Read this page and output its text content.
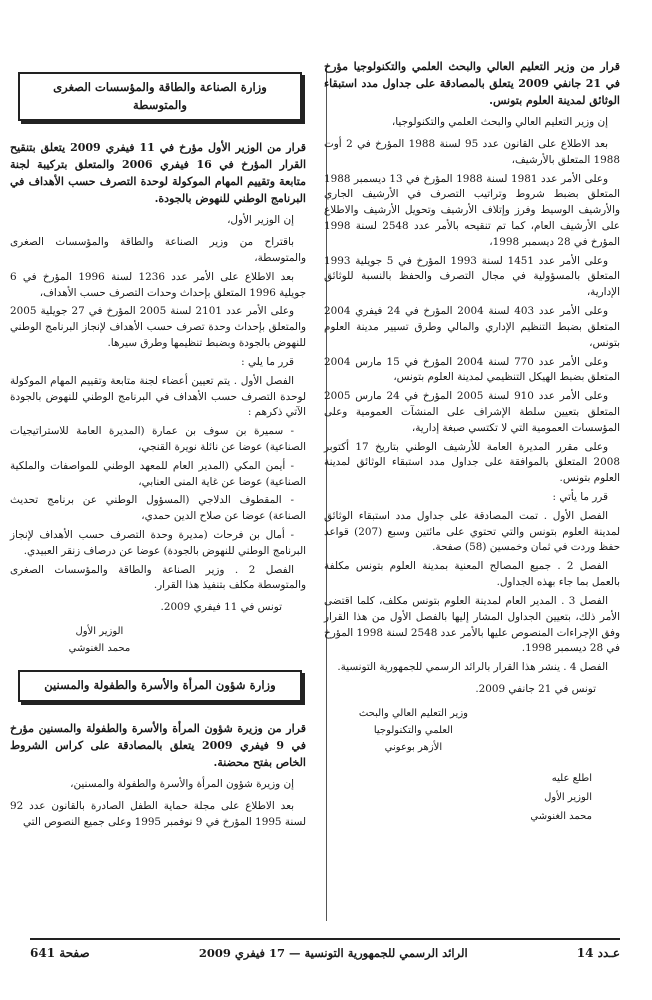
قرار من وزير التعليم العالي والبحث العلمي والتكنولوجيا مؤرخ في 21 جانفي 2009 يتعلق بالمصادقة على جداول مدد استبقاء الوثائق لمدينة العلوم بتونس.

إن وزير التعليم العالي والبحث العلمي والتكنولوجيا،

بعد الاطلاع على القانون عدد 95 لسنة 1988 المؤرخ في 2 أوت 1988 المتعلق بالأرشيف،

وعلى الأمر عدد 1981 لسنة 1988 المؤرخ في 13 ديسمبر 1988 المتعلق بضبط شروط وتراتيب التصرف في الأرشيف الجاري والأرشيف الوسيط وفرز وإتلاف الأرشيف وتحويل الأرشيف والاطلاع على الأرشيف العام، كما تم تنقيحه بالأمر عدد 2548 لسنة 1998 المؤرخ في 28 ديسمبر 1998،

وعلى الأمر عدد 1451 لسنة 1993 المؤرخ في 5 جويلية 1993 المتعلق بالمسؤولية في مجال التصرف والحفظ بالنسبة للوثائق الإدارية،

وعلى الأمر عدد 403 لسنة 2004 المؤرخ في 24 فيفري 2004 المتعلق بضبط التنظيم الإداري والمالي وطرق تسيير مدينة العلوم بتونس،

وعلى الأمر عدد 770 لسنة 2004 المؤرخ في 15 مارس 2004 المتعلق بضبط الهيكل التنظيمي لمدينة العلوم بتونس،

وعلى الأمر عدد 910 لسنة 2005 المؤرخ في 24 مارس 2005 المتعلق بتعيين سلطة الإشراف على المنشآت العمومية وعلى المؤسسات العمومية التي لا تكتسي صبغة إدارية،

وعلى مقرر المديرة العامة للأرشيف الوطني بتاريخ 17 أكتوبر 2008 المتعلق بالموافقة على جداول مدد استبقاء الوثائق لمدينة العلوم بتونس.

قرر ما يأتي :

الفصل الأول . تمت المصادقة على جداول مدد استبقاء الوثائق لمدينة العلوم بتونس والتي تحتوي على مائتين وسبع (207) قواعد حفظ وردت في ثمان وخمسين (58) صفحة.

الفصل 2 . جميع المصالح المعنية بمدينة العلوم بتونس مكلفة بالعمل بما جاء بهذه الجداول.

الفصل 3 . المدير العام لمدينة العلوم بتونس مكلف، كلما اقتضى الأمر ذلك، بتعيين الجداول المشار إليها بالفصل الأول من هذا القرار وفق الإجراءات المنصوص عليها بالأمر عدد 2548 لسنة 1998 المؤرخ في 28 ديسمبر 1998.

الفصل 4 . ينشر هذا القرار بالرائد الرسمي للجمهورية التونسية.

تونس في 21 جانفي 2009.

وزير التعليم العالي والبحث
العلمي والتكنولوجيا
الأزهر بوعوني
اطلع عليه
الوزير الأول
محمد الغنوشي
وزارة الصناعة والطاقة والمؤسسات الصغرى والمتوسطة

قرار من الوزير الأول مؤرخ في 11 فيفري 2009 يتعلق بتنقيح القرار المؤرخ في 16 فيفري 2006 والمتعلق بتركيبة لجنة متابعة وتقييم المهام الموكولة لوحدة التصرف حسب الأهداف في البرنامج الوطني للنهوض بالجودة.

إن الوزير الأول،

باقتراح من وزير الصناعة والطاقة والمؤسسات الصغرى والمتوسطة،

بعد الاطلاع على الأمر عدد 1236 لسنة 1996 المؤرخ في 6 جويلية 1996 المتعلق بإحداث وحدات التصرف حسب الأهداف،

وعلى الأمر عدد 2101 لسنة 2005 المؤرخ في 27 جويلية 2005 والمتعلق بإحداث وحدة تصرف حسب الأهداف لإنجاز البرنامج الوطني للنهوض بالجودة وبضبط تنظيمها وطرق سيرها.

قرر ما يلي :

الفصل الأول . يتم تعيين أعضاء لجنة متابعة وتقييم المهام الموكولة لوحدة التصرف حسب الأهداف في البرنامج الوطني للنهوض بالجودة الآتي ذكرهم :

- سميرة بن سوف بن عمارة (المديرة العامة للاستراتيجيات الصناعية) عوضا عن نائلة نويرة القنجي،

- أيمن المكي (المدير العام للمعهد الوطني للمواصفات والملكية الصناعية) عوضا عن غاية المنى العنابي،

- المقطوف الدلاجي (المسؤول الوطني عن برنامج تحديث الصناعة) عوضا عن صلاح الدين حمدي،

- أمال بن فرحات (مديرة وحدة التصرف حسب الأهداف لإنجاز البرنامج الوطني للنهوض بالجودة) عوضا عن درصاف زنقر العبيدي.

الفصل 2 . وزير الصناعة والطاقة والمؤسسات الصغرى والمتوسطة مكلف بتنفيذ هذا القرار.

تونس في 11 فيفري 2009.

الوزير الأول
محمد الغنوشي
وزارة شؤون المرأة والأسرة والطفولة والمسنين

قرار من وزيرة شؤون المرأة والأسرة والطفولة والمسنين مؤرخ في 9 فيفري 2009 يتعلق بالمصادقة على كراس الشروط الخاص بفتح محضنة.

إن وزيرة شؤون المرأة والأسرة والطفولة والمسنين،

بعد الاطلاع على مجلة حماية الطفل الصادرة بالقانون عدد 92 لسنة 1995 المؤرخ في 9 نوفمبر 1995 وعلى جميع النصوص التي

عـدد 14
الرائد الرسمي للجمهورية التونسية — 17 فيفري 2009
صفحة 641
